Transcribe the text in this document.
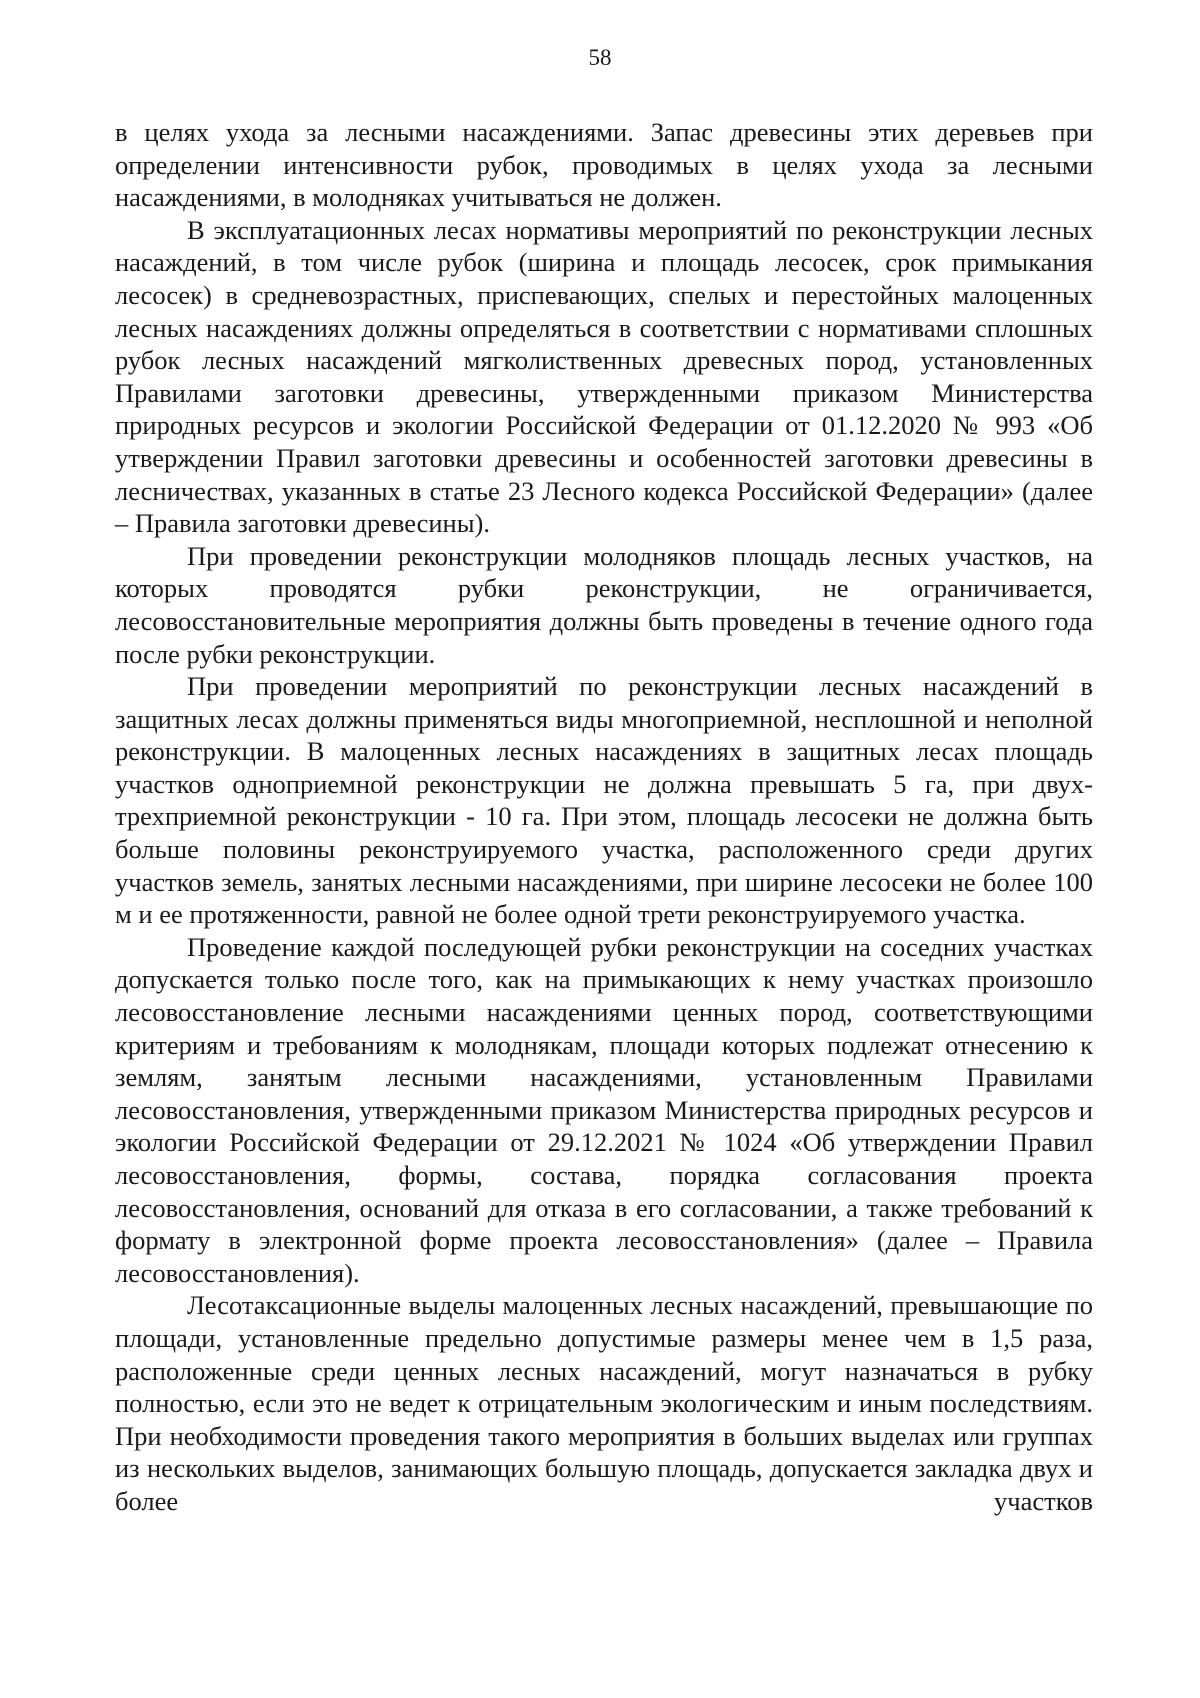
58

в целях ухода за лесными насаждениями. Запас древесины этих деревьев при определении интенсивности рубок, проводимых в целях ухода за лесными насаждениями, в молодняках учитываться не должен.

В эксплуатационных лесах нормативы мероприятий по реконструкции лесных насаждений, в том числе рубок (ширина и площадь лесосек, срок примыкания лесосек) в средневозрастных, приспевающих, спелых и перестойных малоценных лесных насаждениях должны определяться в соответствии с нормативами сплошных рубок лесных насаждений мягколиственных древесных пород, установленных Правилами заготовки древесины, утвержденными приказом Министерства природных ресурсов и экологии Российской Федерации от 01.12.2020 № 993 «Об утверждении Правил заготовки древесины и особенностей заготовки древесины в лесничествах, указанных в статье 23 Лесного кодекса Российской Федерации» (далее – Правила заготовки древесины).

При проведении реконструкции молодняков площадь лесных участков, на которых проводятся рубки реконструкции, не ограничивается, лесовосстановительные мероприятия должны быть проведены в течение одного года после рубки реконструкции.

При проведении мероприятий по реконструкции лесных насаждений в защитных лесах должны применяться виды многоприемной, несплошной и неполной реконструкции. В малоценных лесных насаждениях в защитных лесах площадь участков одноприемной реконструкции не должна превышать 5 га, при двух-трехприемной реконструкции - 10 га. При этом, площадь лесосеки не должна быть больше половины реконструируемого участка, расположенного среди других участков земель, занятых лесными насаждениями, при ширине лесосеки не более 100 м и ее протяженности, равной не более одной трети реконструируемого участка.

Проведение каждой последующей рубки реконструкции на соседних участках допускается только после того, как на примыкающих к нему участках произошло лесовосстановление лесными насаждениями ценных пород, соответствующими критериям и требованиям к молоднякам, площади которых подлежат отнесению к землям, занятым лесными насаждениями, установленным Правилами лесовосстановления, утвержденными приказом Министерства природных ресурсов и экологии Российской Федерации от 29.12.2021 № 1024 «Об утверждении Правил лесовосстановления, формы, состава, порядка согласования проекта лесовосстановления, оснований для отказа в его согласовании, а также требований к формату в электронной форме проекта лесовосстановления» (далее – Правила лесовосстановления).

Лесотаксационные выделы малоценных лесных насаждений, превышающие по площади, установленные предельно допустимые размеры менее чем в 1,5 раза, расположенные среди ценных лесных насаждений, могут назначаться в рубку полностью, если это не ведет к отрицательным экологическим и иным последствиям. При необходимости проведения такого мероприятия в больших выделах или группах из нескольких выделов, занимающих большую площадь, допускается закладка двух и более участков
